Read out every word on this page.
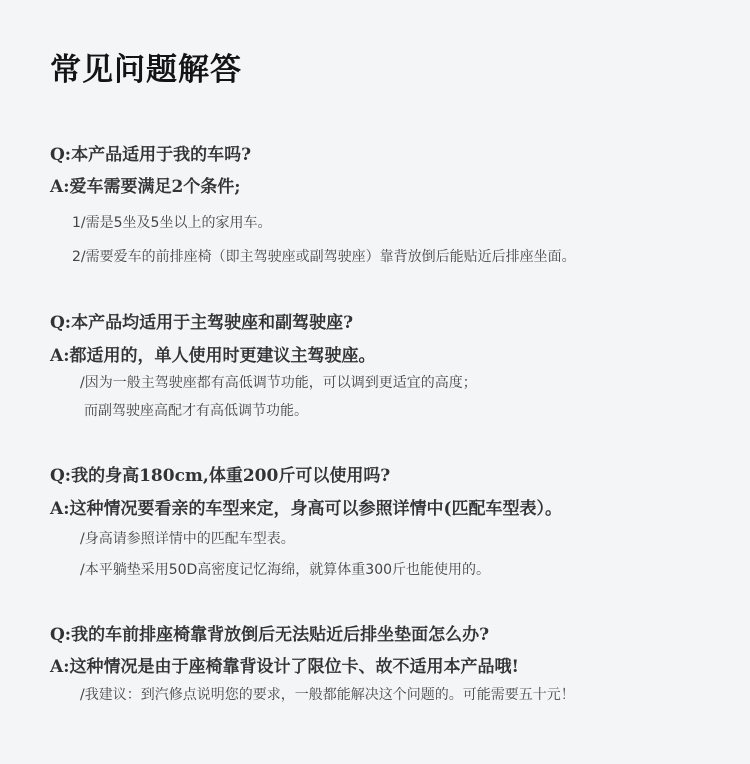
常见问题解答
Q:本产品适用于我的车吗?
A:爱车需要满足2个条件;
1/需是5坐及5坐以上的家用车。
2/需要爱车的前排座椅（即主驾驶座或副驾驶座）靠背放倒后能贴近后排座坐面。
Q:本产品均适用于主驾驶座和副驾驶座?
A:都适用的，单人使用时更建议主驾驶座。
/因为一般主驾驶座都有高低调节功能，可以调到更适宜的高度；
而副驾驶座高配才有高低调节功能。
Q:我的身高180cm,体重200斤可以使用吗?
A:这种情况要看亲的车型来定，身高可以参照详情中(匹配车型表）。
/身高请参照详情中的匹配车型表。
/本平躺垫采用50D高密度记忆海绵，就算体重300斤也能使用的。
Q:我的车前排座椅靠背放倒后无法贴近后排坐垫面怎么办?
A:这种情况是由于座椅靠背设计了限位卡、故不适用本产品哦!
/我建议：到汽修点说明您的要求，一般都能解决这个问题的。可能需要五十元！
